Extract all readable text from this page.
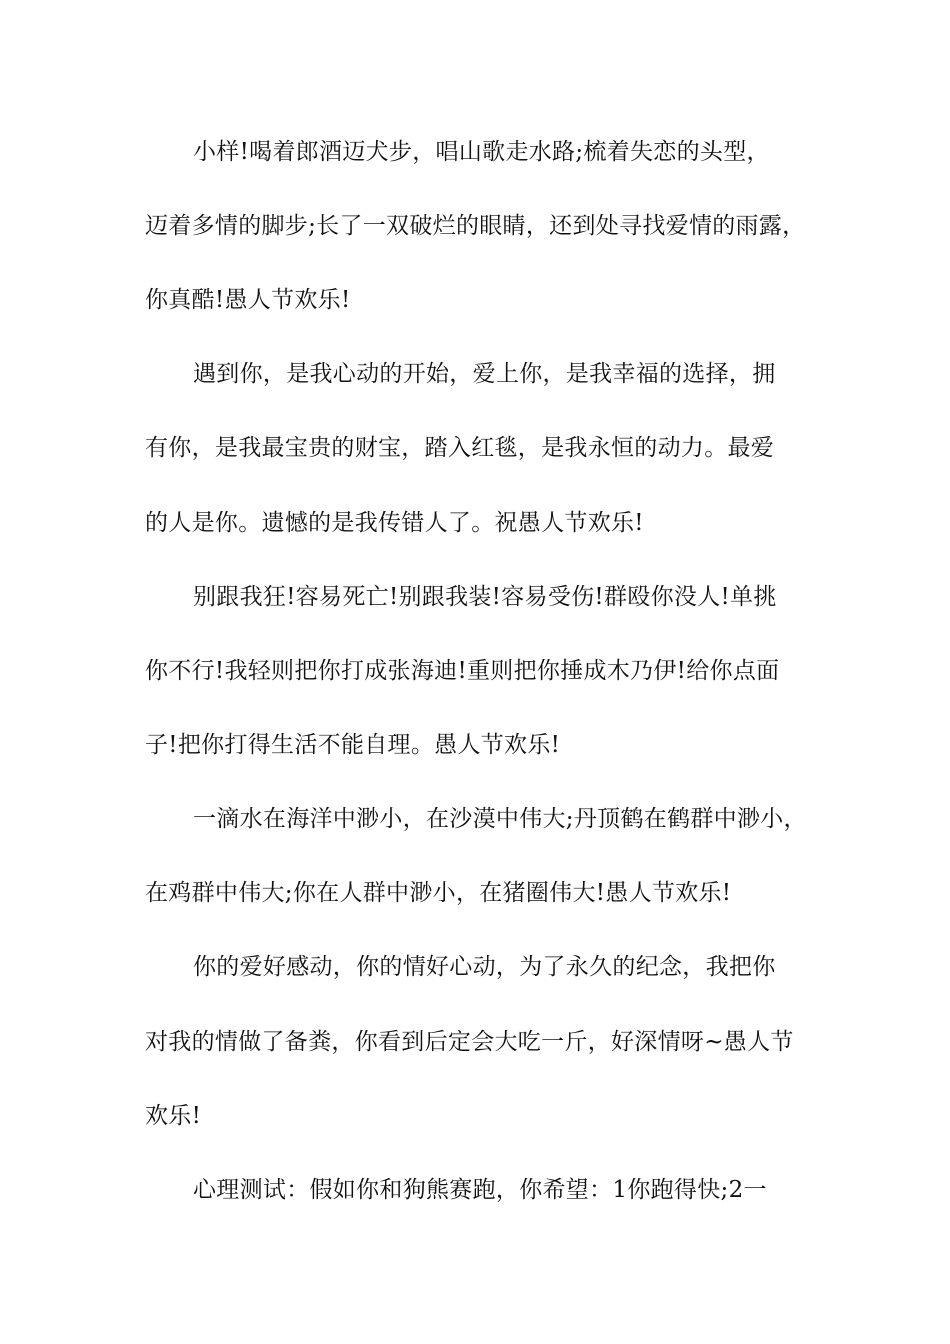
小样!喝着郎酒迈犬步，唱山歌走水路;梳着失恋的头型，
迈着多情的脚步;长了一双破烂的眼睛，还到处寻找爱情的雨露，
你真酷!愚人节欢乐!
遇到你，是我心动的开始，爱上你，是我幸福的选择，拥
有你，是我最宝贵的财宝，踏入红毯，是我永恒的动力。最爱
的人是你。遗憾的是我传错人了。祝愚人节欢乐!
别跟我狂!容易死亡!别跟我装!容易受伤!群殴你没人!单挑
你不行!我轻则把你打成张海迪!重则把你捶成木乃伊!给你点面
子!把你打得生活不能自理。愚人节欢乐!
一滴水在海洋中渺小，在沙漠中伟大;丹顶鹤在鹤群中渺小，
在鸡群中伟大;你在人群中渺小，在猪圈伟大!愚人节欢乐!
你的爱好感动，你的情好心动，为了永久的纪念，我把你
对我的情做了备粪，你看到后定会大吃一斤，好深情呀~愚人节
欢乐!
心理测试：假如你和狗熊赛跑，你希望：1你跑得快;2一
